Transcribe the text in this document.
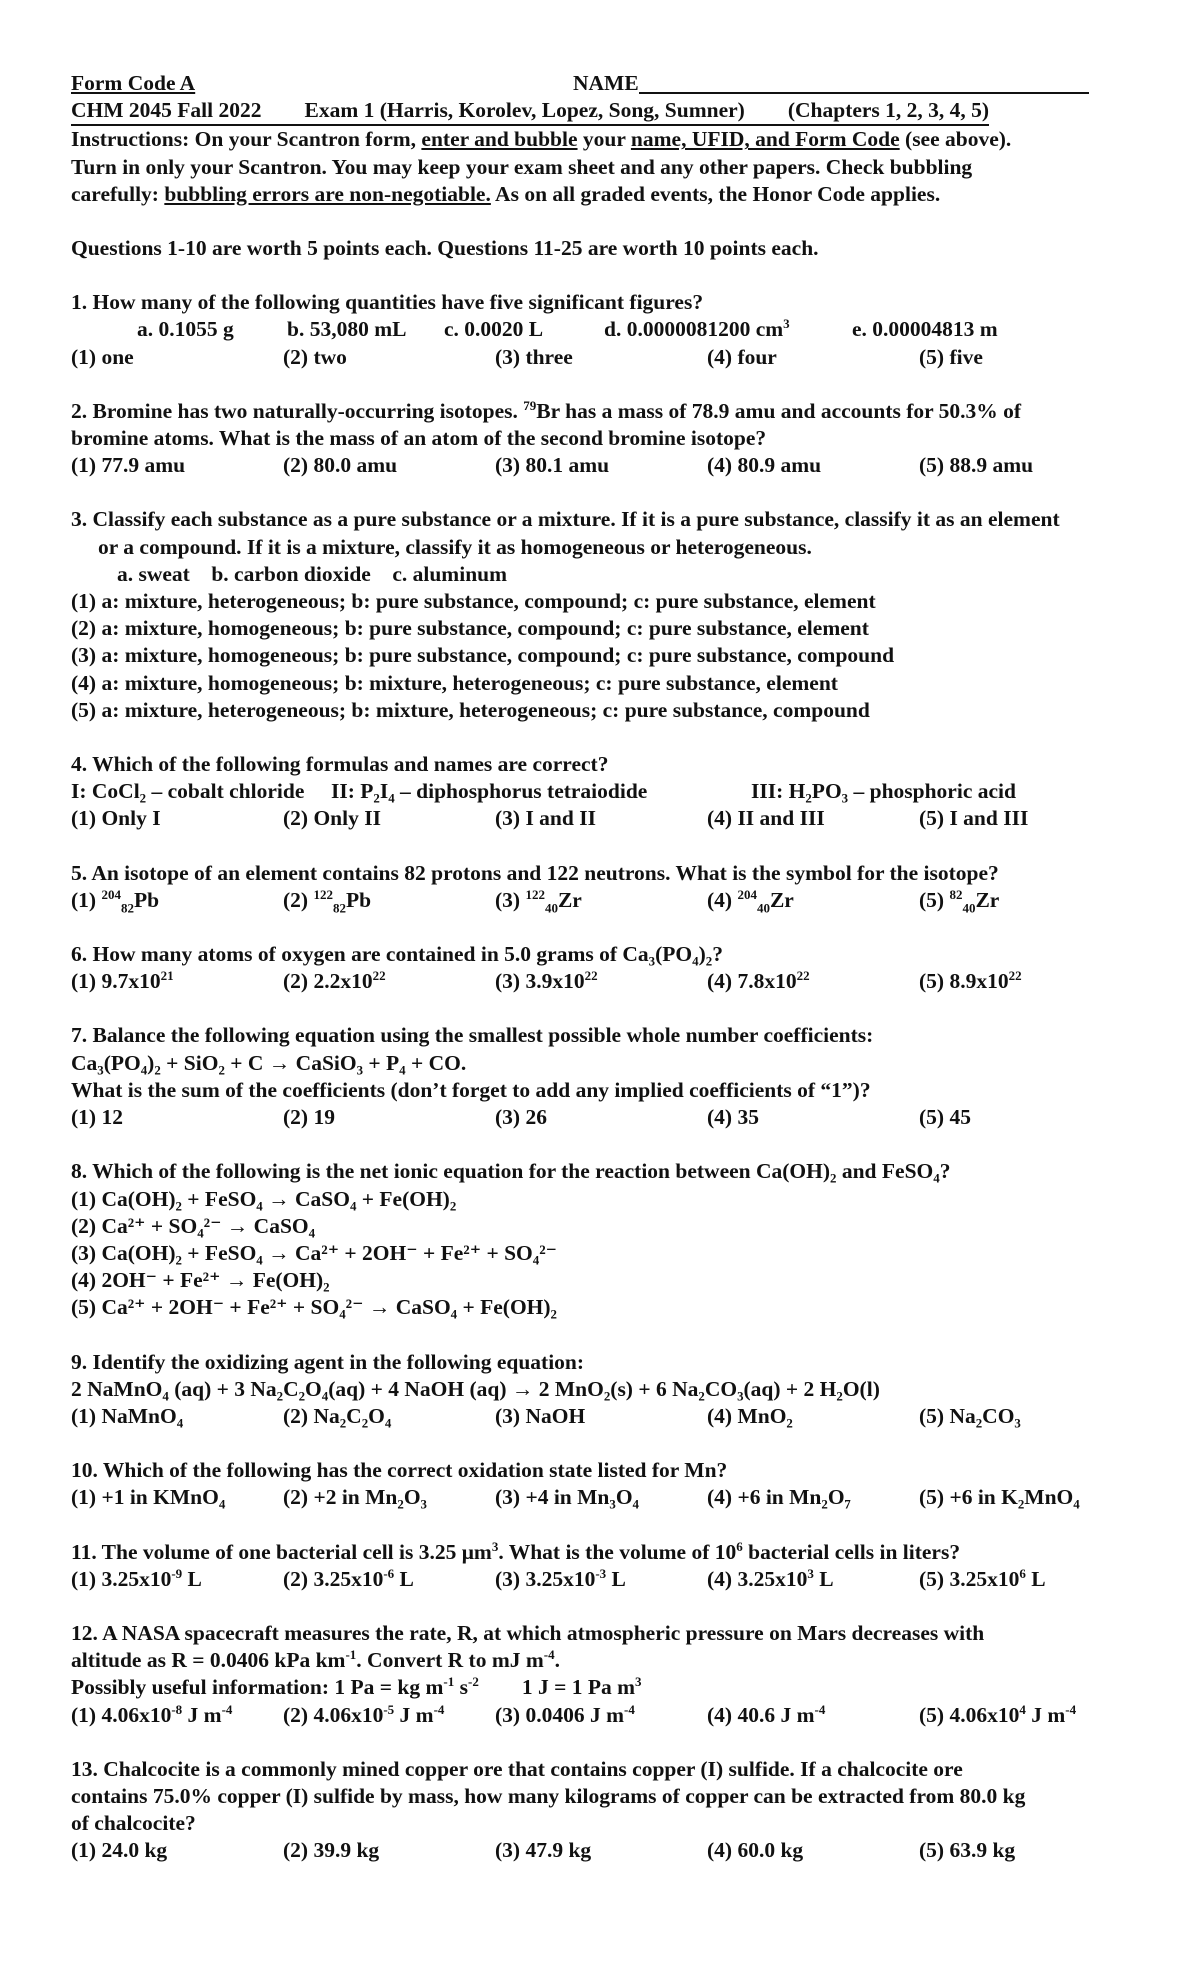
Form Code A	NAME
CHM 2045 Fall 2022        Exam 1 (Harris, Korolev, Lopez, Song, Sumner)        (Chapters 1, 2, 3, 4, 5)
Instructions: On your Scantron form, enter and bubble your name, UFID, and Form Code (see above).
Turn in only your Scantron. You may keep your exam sheet and any other papers. Check bubbling
carefully: bubbling errors are non-negotiable. As on all graded events, the Honor Code applies.
Questions 1-10 are worth 5 points each. Questions 11-25 are worth 10 points each.
1. How many of the following quantities have five significant figures?
a. 0.1055 g	b. 53,080 mL	c. 0.0020 L	d. 0.0000081200 $cm^3$	e. 0.00004813 m
(1) one	(2) two	(3) three	(4) four	(5) five
2. Bromine has two naturally-occurring isotopes. $^{79}$Br has a mass of 78.9 amu and accounts for 50.3% of
bromine atoms. What is the mass of an atom of the second bromine isotope?
(1) 77.9 amu	(2) 80.0 amu	(3) 80.1 amu	(4) 80.9 amu	(5) 88.9 amu
3. Classify each substance as a pure substance or a mixture. If it is a pure substance, classify it as an element
or a compound. If it is a mixture, classify it as homogeneous or heterogeneous.
a. sweat    b. carbon dioxide    c. aluminum
(1) a: mixture, heterogeneous; b: pure substance, compound; c: pure substance, element
(2) a: mixture, homogeneous; b: pure substance, compound; c: pure substance, element
(3) a: mixture, homogeneous; b: pure substance, compound; c: pure substance, compound
(4) a: mixture, homogeneous; b: mixture, heterogeneous; c: pure substance, element
(5) a: mixture, heterogeneous; b: mixture, heterogeneous; c: pure substance, compound
4. Which of the following formulas and names are correct?
I: CoCl₂ – cobalt chloride	II: P₂I₄ – diphosphorus tetraiodide	III: H₂PO₃ – phosphoric acid
(1) Only I	(2) Only II	(3) I and II	(4) II and III	(5) I and III
5. An isotope of an element contains 82 protons and 122 neutrons. What is the symbol for the isotope?
(1) $^{204}_{82}$Pb	(2) $^{122}_{82}$Pb	(3) $^{122}_{40}$Zr	(4) $^{204}_{40}$Zr	(5) $^{82}_{40}$Zr
6. How many atoms of oxygen are contained in 5.0 grams of Ca₃(PO₄)₂?
(1) $9.7x10^{21}$	(2) $2.2x10^{22}$	(3) $3.9x10^{22}$	(4) $7.8x10^{22}$	(5) $8.9x10^{22}$
7. Balance the following equation using the smallest possible whole number coefficients:
Ca₃(PO₄)₂ + SiO₂ + C → CaSiO₃ + P₄ + CO.
What is the sum of the coefficients (don’t forget to add any implied coefficients of “1”)?
(1) 12	(2) 19	(3) 26	(4) 35	(5) 45
8. Which of the following is the net ionic equation for the reaction between Ca(OH)₂ and FeSO₄?
(1) Ca(OH)₂ + FeSO₄ → CaSO₄ + Fe(OH)₂
(2) Ca²⁺ + SO₄²⁻ → CaSO₄
(3) Ca(OH)₂ + FeSO₄ → Ca²⁺ + 2OH⁻ + Fe²⁺ + SO₄²⁻
(4) 2OH⁻ + Fe²⁺ → Fe(OH)₂
(5) Ca²⁺ + 2OH⁻ + Fe²⁺ + SO₄²⁻ → CaSO₄ + Fe(OH)₂
9. Identify the oxidizing agent in the following equation:
2 NaMnO₄ (aq) + 3 Na₂C₂O₄(aq) + 4 NaOH (aq) → 2 MnO₂(s) + 6 Na₂CO₃(aq) + 2 H₂O(l)
(1) NaMnO₄	(2) Na₂C₂O₄	(3) NaOH	(4) MnO₂	(5) Na₂CO₃
10. Which of the following has the correct oxidation state listed for Mn?
(1) +1 in KMnO₄	(2) +2 in Mn₂O₃	(3) +4 in Mn₃O₄	(4) +6 in Mn₂O₇	(5) +6 in K₂MnO₄
11. The volume of one bacterial cell is 3.25 $\mu m^3$. What is the volume of $10^6$ bacterial cells in liters?
(1) $3.25x10^{-9}$ L	(2) $3.25x10^{-6}$ L	(3) $3.25x10^{-3}$ L	(4) $3.25x10^3$ L	(5) $3.25x10^6$ L
12. A NASA spacecraft measures the rate, R, at which atmospheric pressure on Mars decreases with
altitude as R = 0.0406 kPa $km^{-1}$. Convert R to mJ $m^{-4}$.
Possibly useful information: 1 Pa = kg $m^{-1}$ $s^{-2}$        1 J = 1 Pa $m^3$
(1) $4.06x10^{-8}$ J $m^{-4}$	(2) $4.06x10^{-5}$ J $m^{-4}$	(3) 0.0406 J $m^{-4}$	(4) 40.6 J $m^{-4}$	(5) $4.06x10^4$ J $m^{-4}$
13. Chalcocite is a commonly mined copper ore that contains copper (I) sulfide. If a chalcocite ore
contains 75.0% copper (I) sulfide by mass, how many kilograms of copper can be extracted from 80.0 kg
of chalcocite?
(1) 24.0 kg	(2) 39.9 kg	(3) 47.9 kg	(4) 60.0 kg	(5) 63.9 kg
